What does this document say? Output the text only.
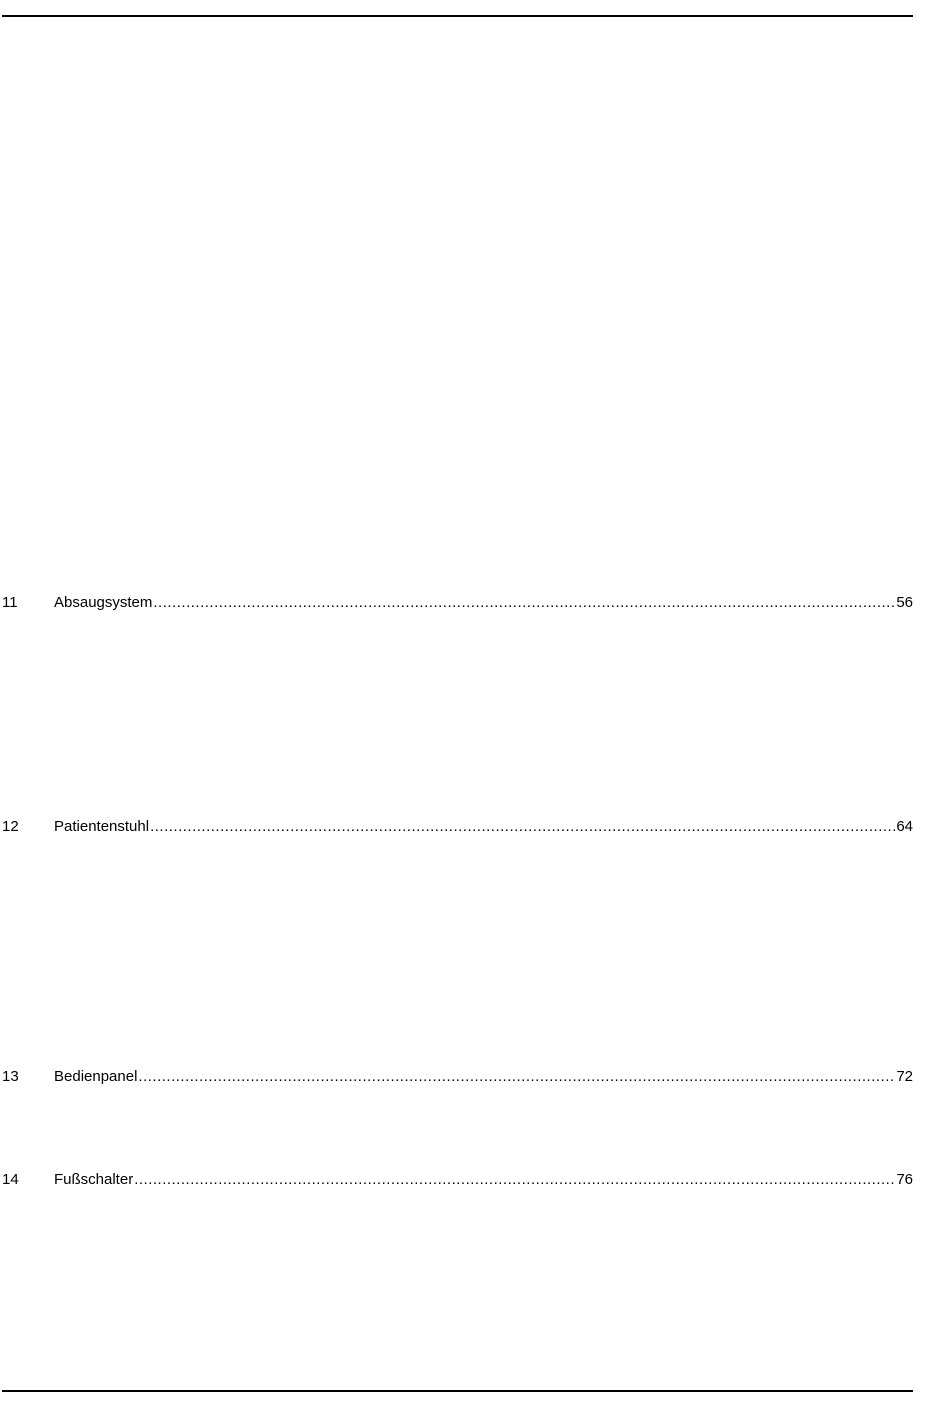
11	Absaugsystem .....	56
12	Patientenstuhl .....	64
13	Bedienpanel .....	72
14	Fußschalter .....	76
